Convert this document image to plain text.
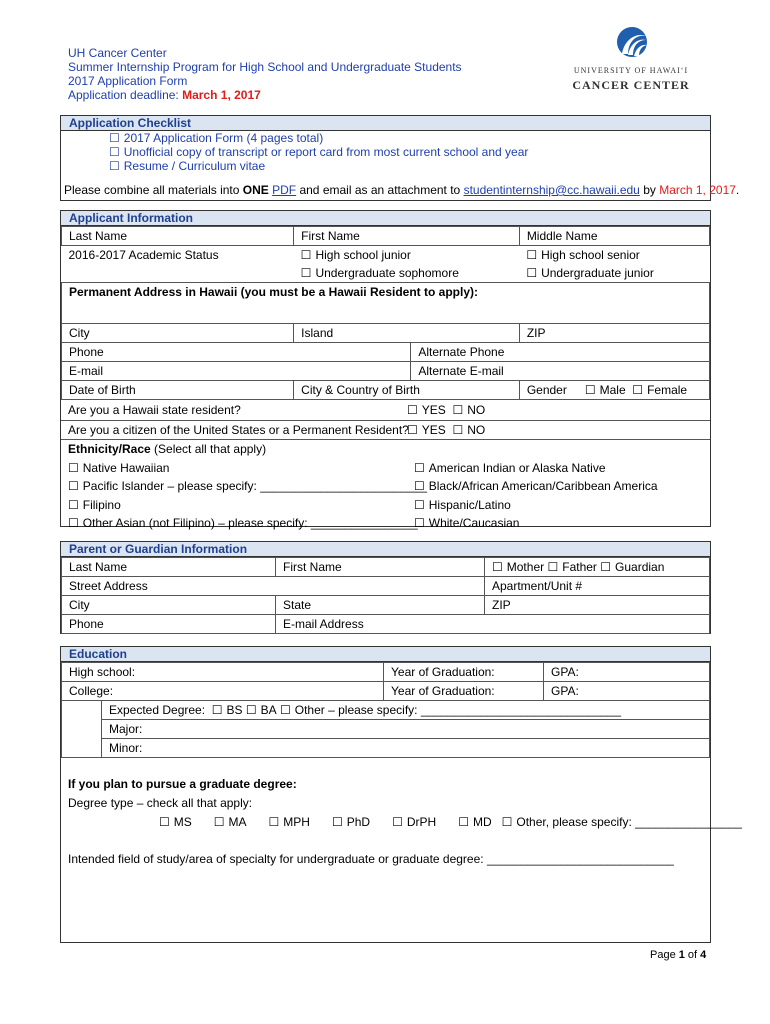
UH Cancer Center
Summer Internship Program for High School and Undergraduate Students
2017 Application Form
Application deadline: March 1, 2017
UNIVERSITY OF HAWAIʻI
CANCER CENTER
Application Checklist
☐ 2017 Application Form (4 pages total)
☐ Unofficial copy of transcript or report card from most current school and year
☐ Resume / Curriculum vitae
Please combine all materials into ONE PDF and email as an attachment to studentinternship@cc.hawaii.edu by March 1, 2017.
Applicant Information
Last Name	First Name		Middle Name
2016-2017 Academic Status	☐ High school junior		☐ High school senior
	☐ Undergraduate sophomore		☐ Undergraduate junior
Permanent Address in Hawaii (you must be a Hawaii Resident to apply):			
City	Island		ZIP
Phone		Alternate Phone	
E-mail		Alternate E-mail	
Date of Birth	City & Country of Birth		Gender ☐ Male ☐ Female
Are you a Hawaii state resident?	☐ YES ☐ NO
Are you a citizen of the United States or a Permanent Resident?	☐ YES ☐ NO
Ethnicity/Race (Select all that apply)
☐ Native Hawaiian
☐ Pacific Islander – please specify: _________________________
☐ Filipino
☐ Other Asian (not Filipino) – please specify: ________________
☐ American Indian or Alaska Native
☐ Black/African American/Caribbean America
☐ Hispanic/Latino
☐ White/Caucasian
Parent or Guardian Information
Last Name	First Name	☐ Mother ☐ Father ☐ Guardian
Street Address		Apartment/Unit #
City	State	ZIP
Phone	E-mail Address	
Education
High school:		Year of Graduation:	GPA:
College:		Year of Graduation:	GPA:
	Expected Degree: ☐ BS ☐ BA ☐ Other – please specify: ______________________________
	Major:		
	Minor:		
If you plan to pursue a graduate degree:
Degree type – check all that apply:
☐ MS	☐ MA	☐ MPH	☐ PhD	☐ DrPH	☐ MD ☐ Other, please specify: ________________
Intended field of study/area of specialty for undergraduate or graduate degree: ____________________________
Page 1 of 4
